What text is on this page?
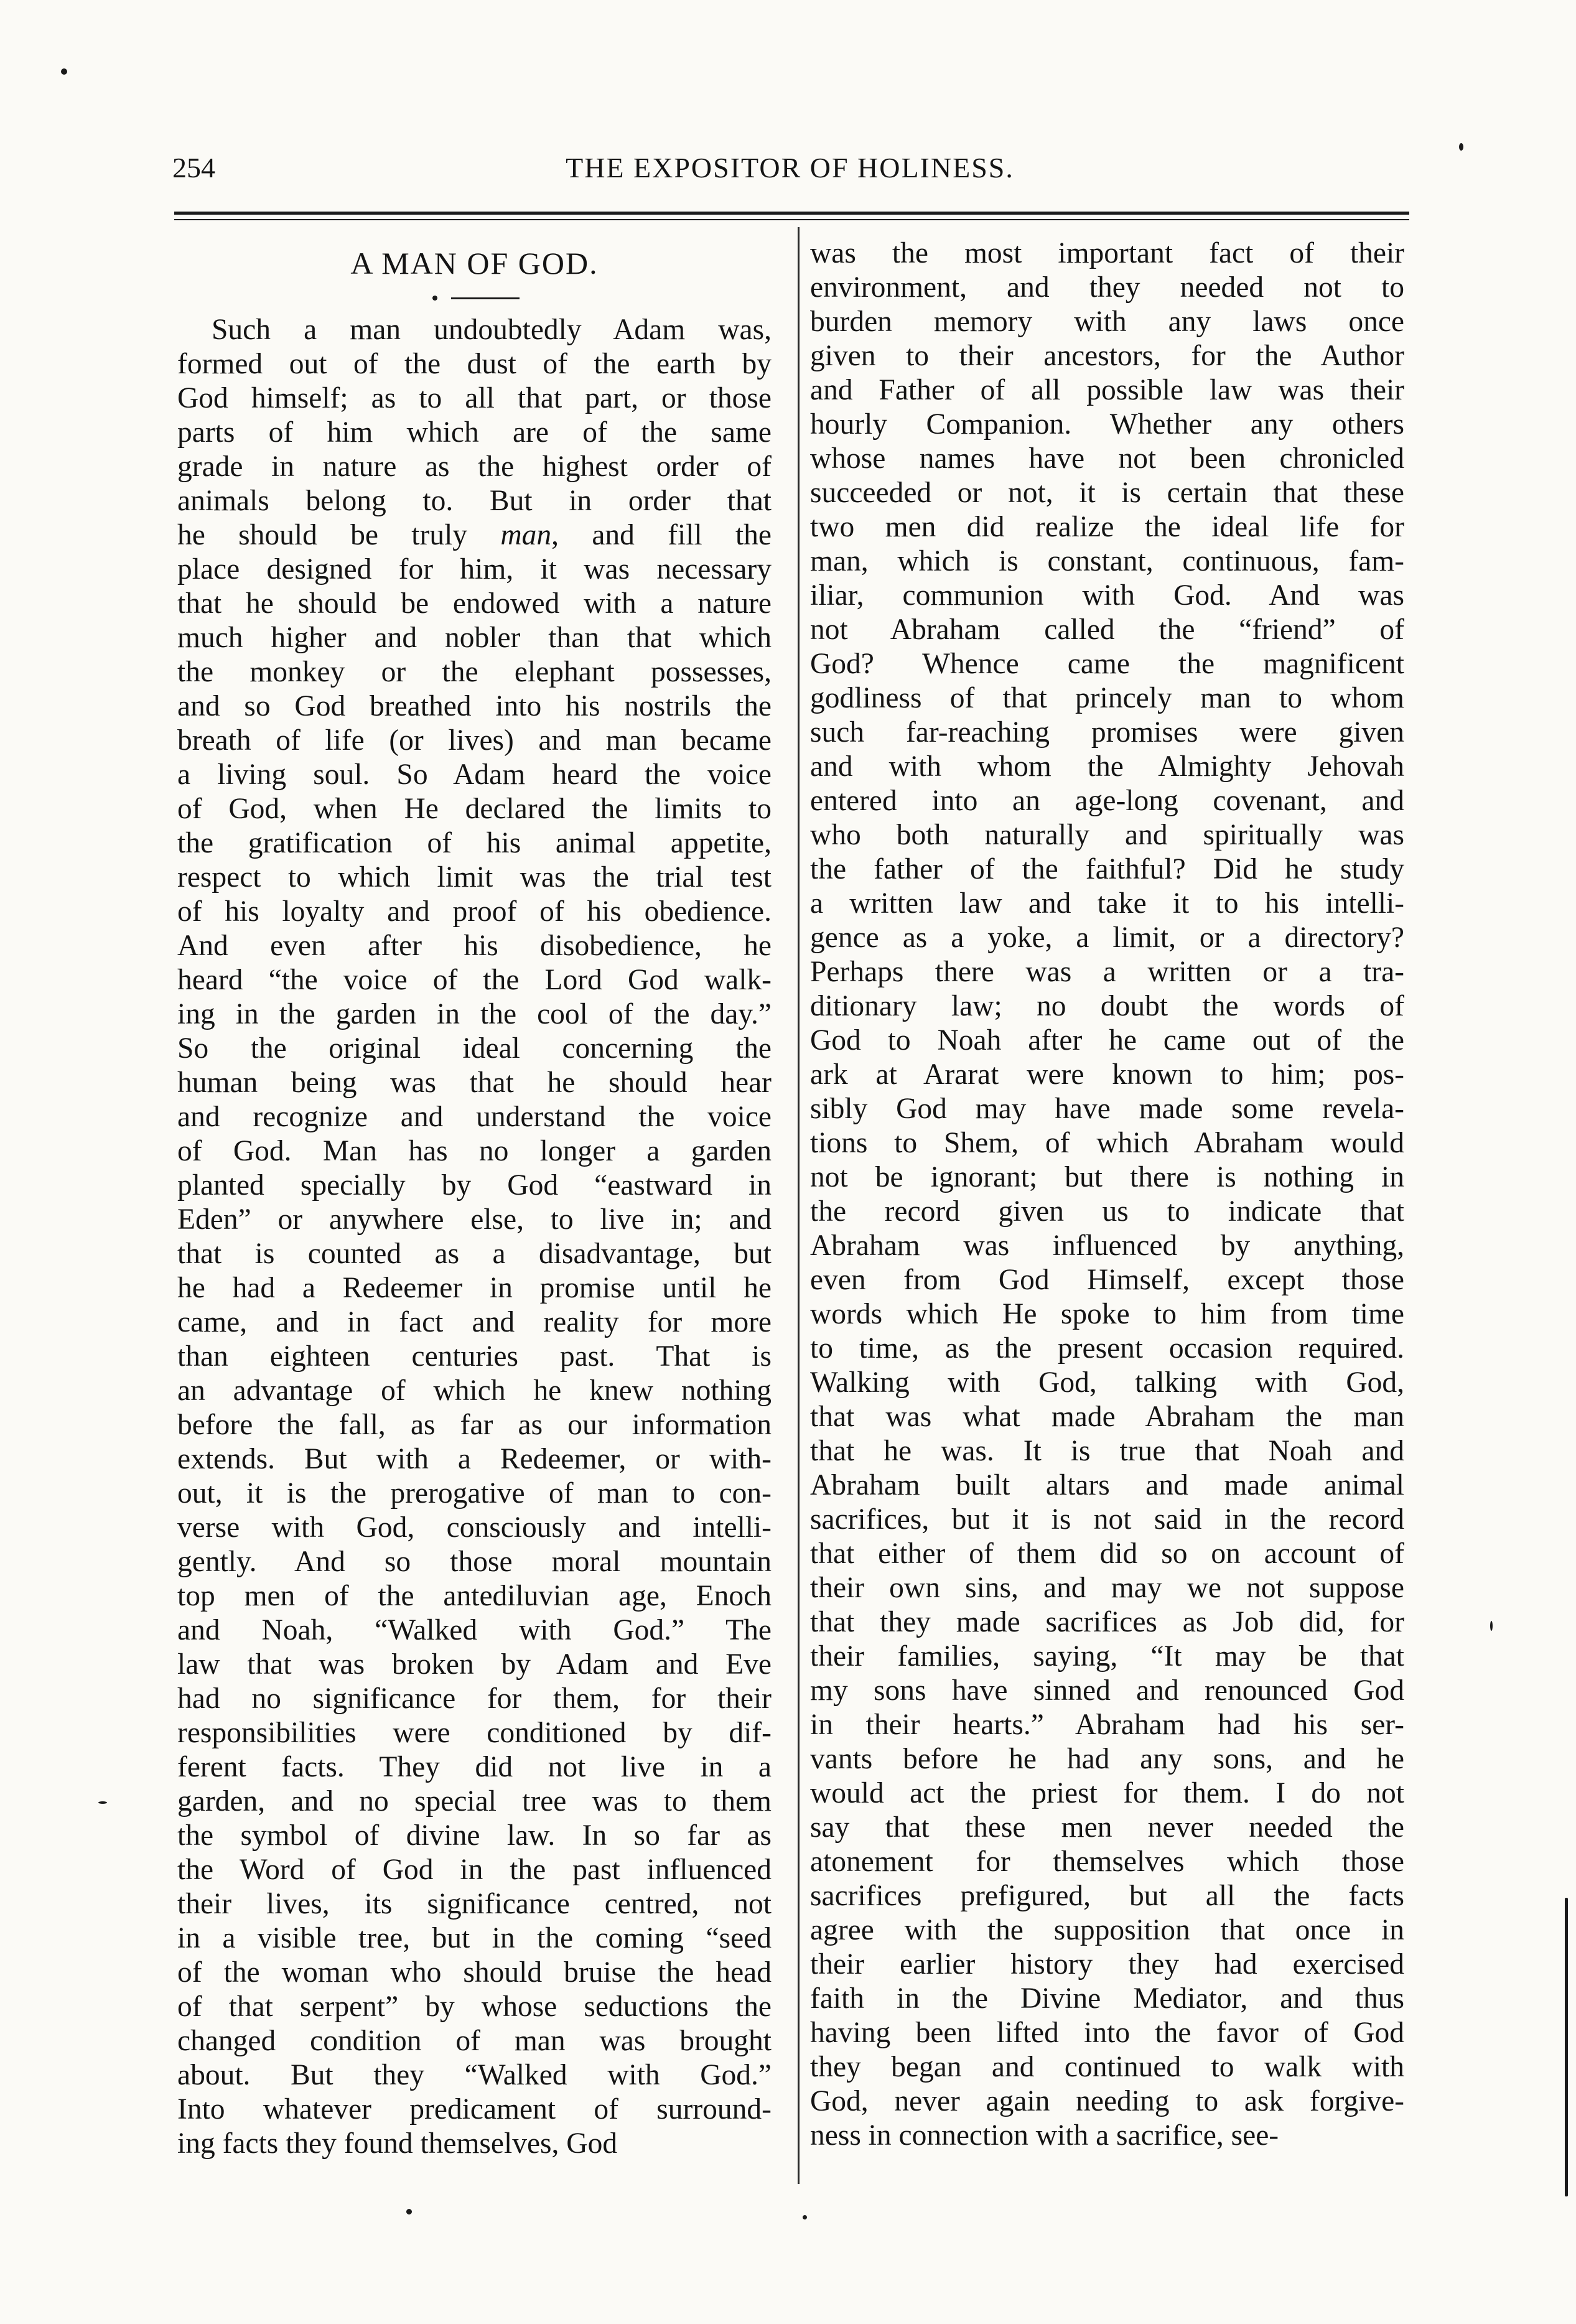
254	THE EXPOSITOR OF HOLINESS.
A MAN OF GOD.
Such a man undoubtedly Adam was,
formed out of the dust of the earth by
God himself; as to all that part, or those
parts of him which are of the same
grade in nature as the highest order of
animals belong to. But in order that
he should be truly man, and fill the
place designed for him, it was necessary
that he should be endowed with a nature
much higher and nobler than that which
the monkey or the elephant possesses,
and so God breathed into his nostrils the
breath of life (or lives) and man became
a living soul. So Adam heard the voice
of God, when He declared the limits to
the gratification of his animal appetite,
respect to which limit was the trial test
of his loyalty and proof of his obedience.
And even after his disobedience, he
heard “the voice of the Lord God walk-
ing in the garden in the cool of the day.”
So the original ideal concerning the
human being was that he should hear
and recognize and understand the voice
of God. Man has no longer a garden
planted specially by God “eastward in
Eden” or anywhere else, to live in; and
that is counted as a disadvantage, but
he had a Redeemer in promise until he
came, and in fact and reality for more
than eighteen centuries past. That is
an advantage of which he knew nothing
before the fall, as far as our information
extends. But with a Redeemer, or with-
out, it is the prerogative of man to con-
verse with God, consciously and intelli-
gently. And so those moral mountain
top men of the antediluvian age, Enoch
and Noah, “Walked with God.” The
law that was broken by Adam and Eve
had no significance for them, for their
responsibilities were conditioned by dif-
ferent facts. They did not live in a
garden, and no special tree was to them
the symbol of divine law. In so far as
the Word of God in the past influenced
their lives, its significance centred, not
in a visible tree, but in the coming “seed
of the woman who should bruise the head
of that serpent” by whose seductions the
changed condition of man was brought
about. But they “Walked with God.”
Into whatever predicament of surround-
ing facts they found themselves, God
was the most important fact of their
environment, and they needed not to
burden memory with any laws once
given to their ancestors, for the Author
and Father of all possible law was their
hourly Companion. Whether any others
whose names have not been chronicled
succeeded or not, it is certain that these
two men did realize the ideal life for
man, which is constant, continuous, fam-
iliar, communion with God. And was
not Abraham called the “friend” of
God? Whence came the magnificent
godliness of that princely man to whom
such far-reaching promises were given
and with whom the Almighty Jehovah
entered into an age-long covenant, and
who both naturally and spiritually was
the father of the faithful? Did he study
a written law and take it to his intelli-
gence as a yoke, a limit, or a directory?
Perhaps there was a written or a tra-
ditionary law; no doubt the words of
God to Noah after he came out of the
ark at Ararat were known to him; pos-
sibly God may have made some revela-
tions to Shem, of which Abraham would
not be ignorant; but there is nothing in
the record given us to indicate that
Abraham was influenced by anything,
even from God Himself, except those
words which He spoke to him from time
to time, as the present occasion required.
Walking with God, talking with God,
that was what made Abraham the man
that he was. It is true that Noah and
Abraham built altars and made animal
sacrifices, but it is not said in the record
that either of them did so on account of
their own sins, and may we not suppose
that they made sacrifices as Job did, for
their families, saying, “It may be that
my sons have sinned and renounced God
in their hearts.” Abraham had his ser-
vants before he had any sons, and he
would act the priest for them. I do not
say that these men never needed the
atonement for themselves which those
sacrifices prefigured, but all the facts
agree with the supposition that once in
their earlier history they had exercised
faith in the Divine Mediator, and thus
having been lifted into the favor of God
they began and continued to walk with
God, never again needing to ask forgive-
ness in connection with a sacrifice, see-
